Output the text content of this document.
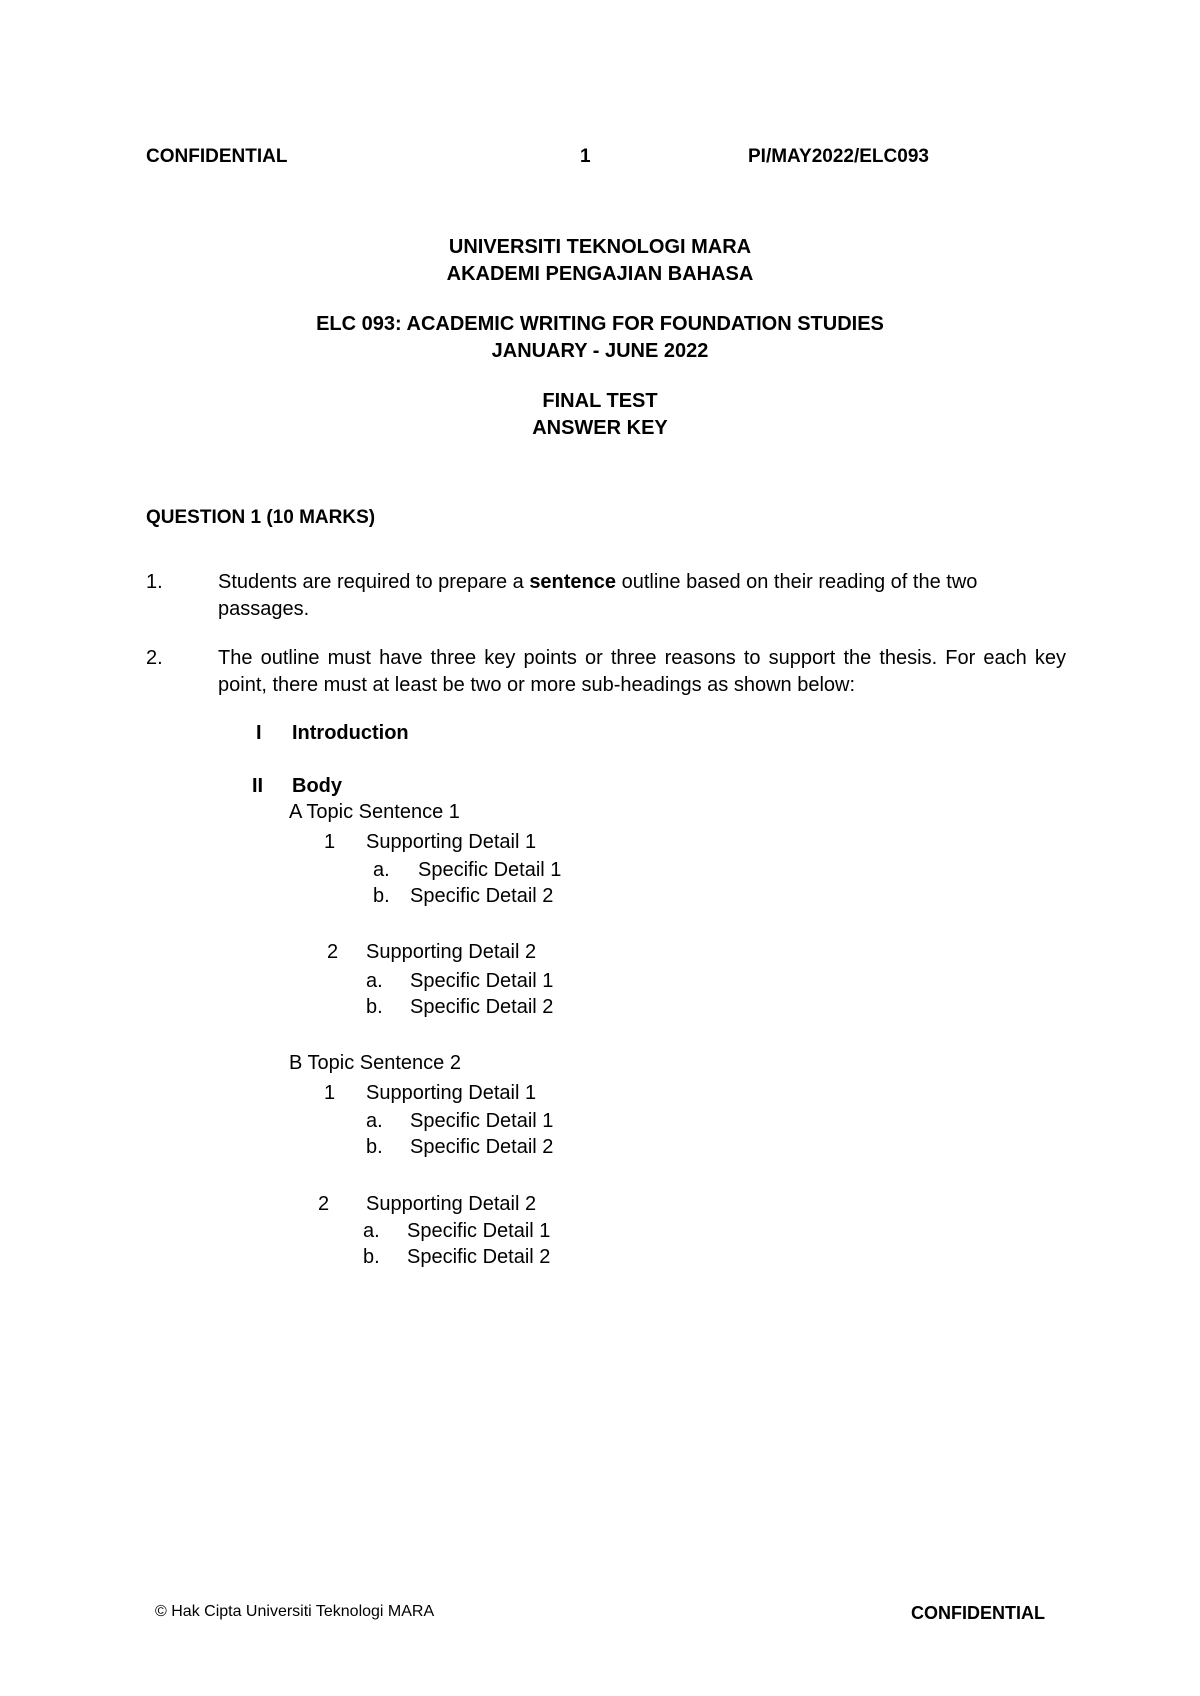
CONFIDENTIAL	1	PI/MAY2022/ELC093
UNIVERSITI TEKNOLOGI MARA
AKADEMI PENGAJIAN BAHASA
ELC 093: ACADEMIC WRITING FOR FOUNDATION STUDIES
JANUARY - JUNE 2022
FINAL TEST
ANSWER KEY
QUESTION 1 (10 MARKS)
1.	Students are required to prepare a sentence outline based on their reading of the two passages.
2.	The outline must have three key points or three reasons to support the thesis. For each key point, there must at least be two or more sub-headings as shown below:
I Introduction
II Body
A Topic Sentence 1
1 Supporting Detail 1
a. Specific Detail 1
b. Specific Detail 2
2 Supporting Detail 2
a. Specific Detail 1
b. Specific Detail 2
B Topic Sentence 2
1 Supporting Detail 1
a. Specific Detail 1
b. Specific Detail 2
2 Supporting Detail 2
a. Specific Detail 1
b. Specific Detail 2
© Hak Cipta Universiti Teknologi MARA	CONFIDENTIAL
